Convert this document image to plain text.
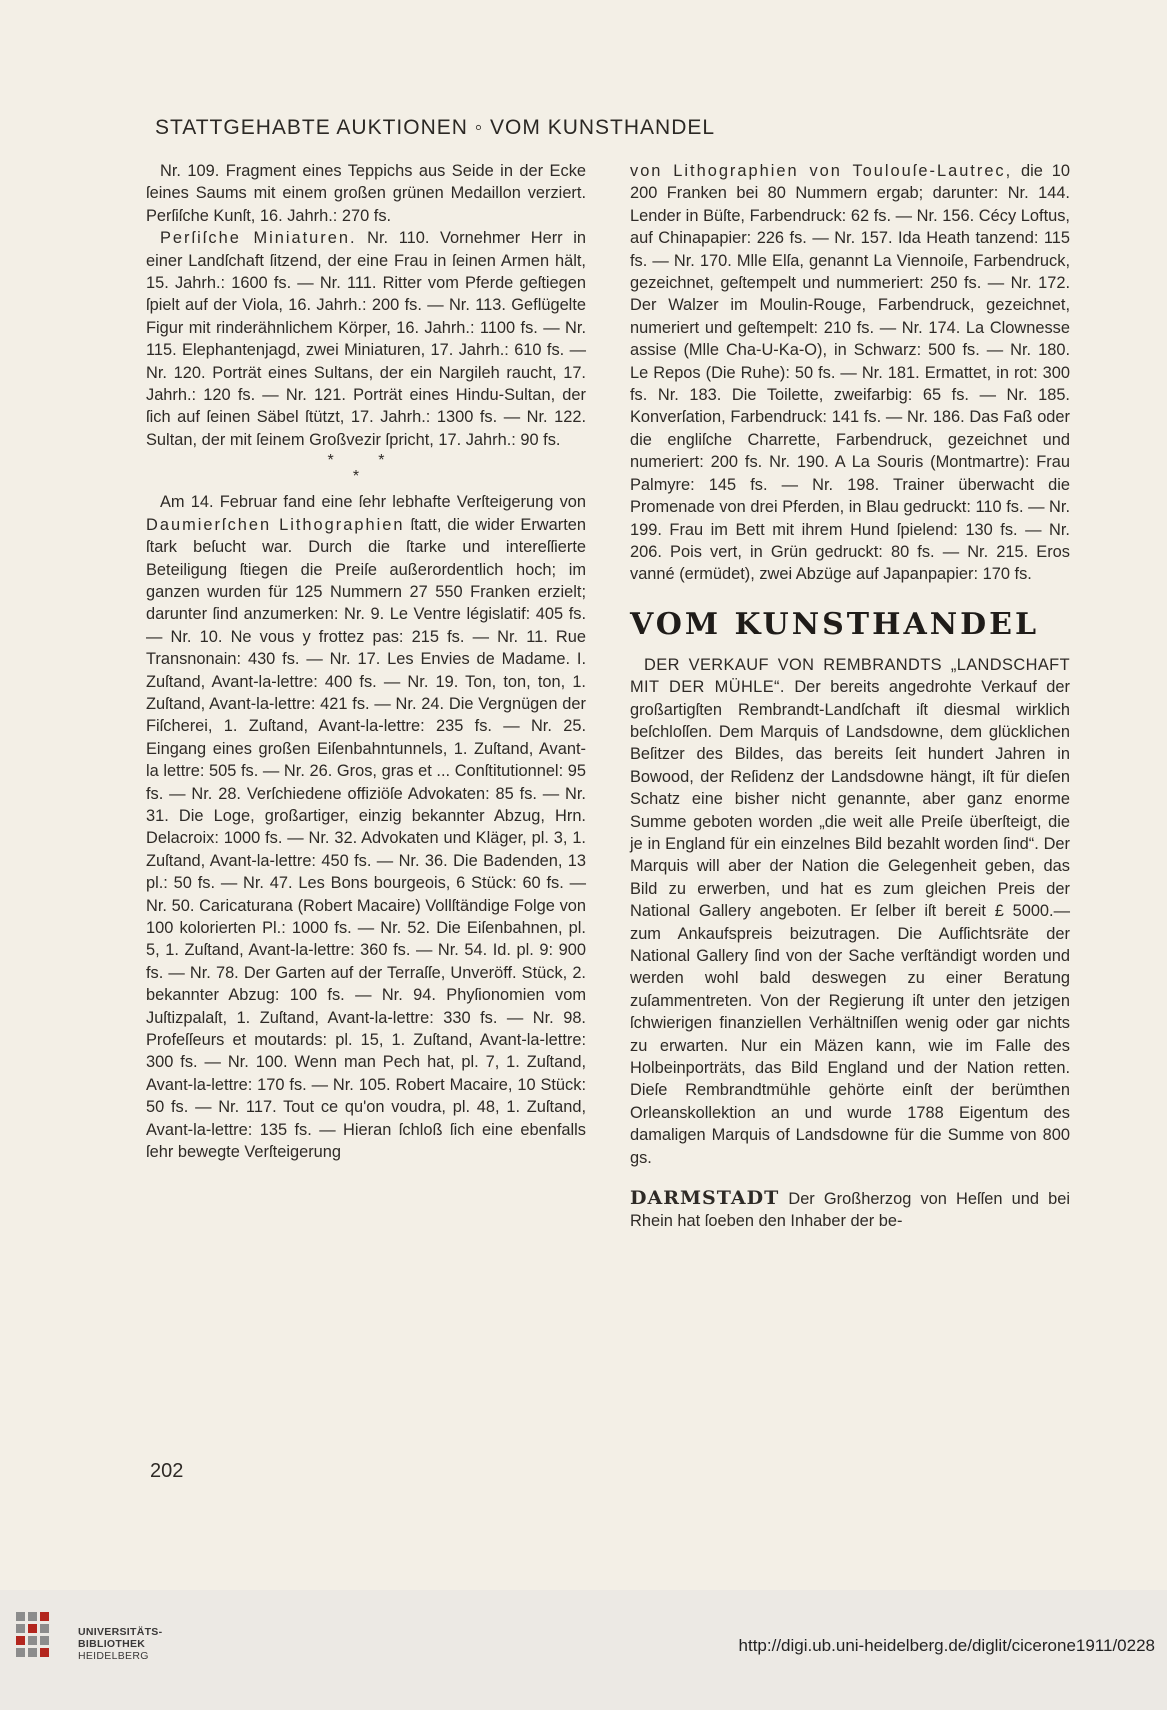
STATTGEHABTE AUKTIONEN ◦ VOM KUNSTHANDEL

Nr. 109. Fragment eines Teppichs aus Seide in der Ecke ſeines Saums mit einem großen grünen Medaillon verziert. Perſiſche Kunſt, 16. Jahrh.: 270 fs.

Perſiſche Miniaturen. Nr. 110. Vornehmer Herr in einer Landſchaft ſitzend, der eine Frau in ſeinen Armen hält, 15. Jahrh.: 1600 fs. — Nr. 111. Ritter vom Pferde geſtiegen ſpielt auf der Viola, 16. Jahrh.: 200 fs. — Nr. 113. Geflügelte Figur mit rinderähnlichem Körper, 16. Jahrh.: 1100 fs. — Nr. 115. Elephantenjagd, zwei Miniaturen, 17. Jahrh.: 610 fs. — Nr. 120. Porträt eines Sultans, der ein Nargileh raucht, 17. Jahrh.: 120 fs. — Nr. 121. Porträt eines Hindu-Sultan, der ſich auf ſeinen Säbel ſtützt, 17. Jahrh.: 1300 fs. — Nr. 122. Sultan, der mit ſeinem Großvezir ſpricht, 17. Jahrh.: 90 fs.

* *
*

Am 14. Februar fand eine ſehr lebhafte Verſteigerung von Daumierſchen Lithographien ſtatt, die wider Erwarten ſtark beſucht war. Durch die ſtarke und intereſſierte Beteiligung ſtiegen die Preiſe außerordentlich hoch; im ganzen wurden für 125 Nummern 27 550 Franken erzielt; darunter ſind anzumerken: Nr. 9. Le Ventre législatif: 405 fs. — Nr. 10. Ne vous y frottez pas: 215 fs. — Nr. 11. Rue Transnonain: 430 fs. — Nr. 17. Les Envies de Madame. I. Zuſtand, Avant-la-lettre: 400 fs. — Nr. 19. Ton, ton, ton, 1. Zuſtand, Avant-la-lettre: 421 fs. — Nr. 24. Die Vergnügen der Fiſcherei, 1. Zuſtand, Avant-la-lettre: 235 fs. — Nr. 25. Eingang eines großen Eiſenbahntunnels, 1. Zuſtand, Avant-la lettre: 505 fs. — Nr. 26. Gros, gras et ... Conſtitutionnel: 95 fs. — Nr. 28. Verſchiedene offiziöſe Advokaten: 85 fs. — Nr. 31. Die Loge, großartiger, einzig bekannter Abzug, Hrn. Delacroix: 1000 fs. — Nr. 32. Advokaten und Kläger, pl. 3, 1. Zuſtand, Avant-la-lettre: 450 fs. — Nr. 36. Die Badenden, 13 pl.: 50 fs. — Nr. 47. Les Bons bourgeois, 6 Stück: 60 fs. — Nr. 50. Caricaturana (Robert Macaire) Vollſtändige Folge von 100 kolorierten Pl.: 1000 fs. — Nr. 52. Die Eiſenbahnen, pl. 5, 1. Zuſtand, Avant-la-lettre: 360 fs. — Nr. 54. Id. pl. 9: 900 fs. — Nr. 78. Der Garten auf der Terraſſe, Unveröff. Stück, 2. bekannter Abzug: 100 fs. — Nr. 94. Phyſionomien vom Juſtizpalaſt, 1. Zuſtand, Avant-la-lettre: 330 fs. — Nr. 98. Profeſſeurs et moutards: pl. 15, 1. Zuſtand, Avant-la-lettre: 300 fs. — Nr. 100. Wenn man Pech hat, pl. 7, 1. Zuſtand, Avant-la-lettre: 170 fs. — Nr. 105. Robert Macaire, 10 Stück: 50 fs. — Nr. 117. Tout ce qu'on voudra, pl. 48, 1. Zuſtand, Avant-la-lettre: 135 fs. — Hieran ſchloß ſich eine ebenfalls ſehr bewegte Verſteigerung

von Lithographien von Toulouſe-Lautrec, die 10 200 Franken bei 80 Nummern ergab; darunter: Nr. 144. Lender in Büſte, Farbendruck: 62 fs. — Nr. 156. Cécy Loftus, auf Chinapapier: 226 fs. — Nr. 157. Ida Heath tanzend: 115 fs. — Nr. 170. Mlle Elſa, genannt La Viennoiſe, Farbendruck, gezeichnet, geſtempelt und nummeriert: 250 fs. — Nr. 172. Der Walzer im Moulin-Rouge, Farbendruck, gezeichnet, numeriert und geſtempelt: 210 fs. — Nr. 174. La Clownesse assise (Mlle Cha-U-Ka-O), in Schwarz: 500 fs. — Nr. 180. Le Repos (Die Ruhe): 50 fs. — Nr. 181. Ermattet, in rot: 300 fs. Nr. 183. Die Toilette, zweifarbig: 65 fs. — Nr. 185. Konverſation, Farbendruck: 141 fs. — Nr. 186. Das Faß oder die engliſche Charrette, Farbendruck, gezeichnet und numeriert: 200 fs. Nr. 190. A La Souris (Montmartre): Frau Palmyre: 145 fs. — Nr. 198. Trainer überwacht die Promenade von drei Pferden, in Blau gedruckt: 110 fs. — Nr. 199. Frau im Bett mit ihrem Hund ſpielend: 130 fs. — Nr. 206. Pois vert, in Grün gedruckt: 80 fs. — Nr. 215. Eros vanné (ermüdet), zwei Abzüge auf Japanpapier: 170 fs.

VOM KUNSTHANDEL

DER VERKAUF VON REMBRANDTS „LANDSCHAFT MIT DER MÜHLE“. Der bereits angedrohte Verkauf der großartigſten Rembrandt-Landſchaft iſt diesmal wirklich beſchloſſen. Dem Marquis of Landsdowne, dem glücklichen Beſitzer des Bildes, das bereits ſeit hundert Jahren in Bowood, der Reſidenz der Landsdowne hängt, iſt für dieſen Schatz eine bisher nicht genannte, aber ganz enorme Summe geboten worden „die weit alle Preiſe überſteigt, die je in England für ein einzelnes Bild bezahlt worden ſind“. Der Marquis will aber der Nation die Gelegenheit geben, das Bild zu erwerben, und hat es zum gleichen Preis der National Gallery angeboten. Er ſelber iſt bereit £ 5000.— zum Ankaufspreis beizutragen. Die Aufſichtsräte der National Gallery ſind von der Sache verſtändigt worden und werden wohl bald deswegen zu einer Beratung zuſammentreten. Von der Regierung iſt unter den jetzigen ſchwierigen finanziellen Verhältniſſen wenig oder gar nichts zu erwarten. Nur ein Mäzen kann, wie im Falle des Holbeinporträts, das Bild England und der Nation retten. Dieſe Rembrandtmühle gehörte einſt der berümthen Orleanskollektion an und wurde 1788 Eigentum des damaligen Marquis of Landsdowne für die Summe von 800 gs.

DARMSTADT Der Großherzog von Heſſen und bei Rhein hat ſoeben den Inhaber der be-

202
UNIVERSITÄTS-
BIBLIOTHEK
HEIDELBERG
http://digi.ub.uni-heidelberg.de/diglit/cicerone1911/0228
